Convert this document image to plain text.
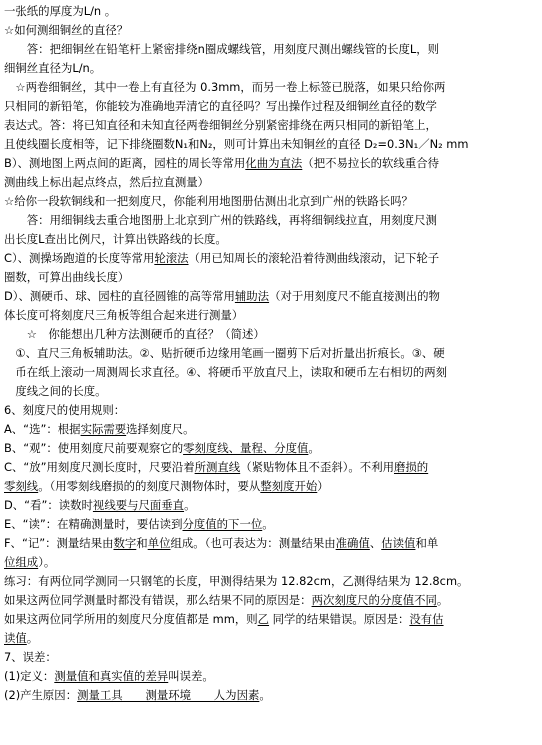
一张纸的厚度为L/n 。
☆如何测细铜丝的直径？
　　答：把细铜丝在铅笔杆上紧密排绕n圈成螺线管，用刻度尺测出螺线管的长度L，则
细铜丝直径为L/n。
　☆两卷细铜丝，其中一卷上有直径为 0.3mm，而另一卷上标签已脱落，如果只给你两
只相同的新铅笔，你能较为准确地弄清它的直径吗？写出操作过程及细铜丝直径的数学
表达式。答：将已知直径和未知直径两卷细铜丝分别紧密排绕在两只相同的新铅笔上，
且使线圈长度相等，记下排绕圈数N₁和N₂，则可计算出未知铜丝的直径 D₂=0.3N₁／N₂ mm
B）、测地图上两点间的距离，园柱的周长等常用化曲为直法（把不易拉长的软线重合待
测曲线上标出起点终点，然后拉直测量）
☆给你一段软铜线和一把刻度尺，你能利用地图册估测出北京到广州的铁路长吗？
　　答：用细铜线去重合地图册上北京到广州的铁路线，再将细铜线拉直，用刻度尺测
出长度L查出比例尺，计算出铁路线的长度。
C）、测操场跑道的长度等常用轮滚法（用已知周长的滚轮沿着待测曲线滚动，记下轮子
圈数，可算出曲线长度）
D）、测硬币、球、园柱的直径圆锥的高等常用辅助法（对于用刻度尺不能直接测出的物
体长度可将刻度尺三角板等组合起来进行测量）
　　☆　你能想出几种方法测硬币的直径？（简述）
　①、直尺三角板辅助法。②、贴折硬币边缘用笔画一圈剪下后对折量出折痕长。③、硬
　币在纸上滚动一周测周长求直径。④、将硬币平放直尺上，读取和硬币左右相切的两刻
　度线之间的长度。
6、刻度尺的使用规则：
A、“选”：根据实际需要选择刻度尺。
B、“观”：使用刻度尺前要观察它的零刻度线、量程、分度值。
C、“放”用刻度尺测长度时，尺要沿着所测直线（紧贴物体且不歪斜）。不利用磨损的
零刻线。（用零刻线磨损的的刻度尺测物体时，要从整刻度开始）
D、“看”：读数时视线要与尺面垂直。
E、“读”：在精确测量时，要估读到分度值的下一位。
F、“记”：测量结果由数字和单位组成。（也可表达为：测量结果由准确值、估读值和单
位组成）。
练习：有两位同学测同一只钢笔的长度，甲测得结果为 12.82cm，乙测得结果为 12.8cm。
如果这两位同学测量时都没有错误，那么结果不同的原因是：两次刻度尺的分度值不同。
如果这两位同学所用的刻度尺分度值都是 mm，则乙 同学的结果错误。原因是：没有估
读值。
7、误差：
(1)定义：测量值和真实值的差异叫误差。
(2)产生原因：测量工具　　测量环境　　人为因素。
